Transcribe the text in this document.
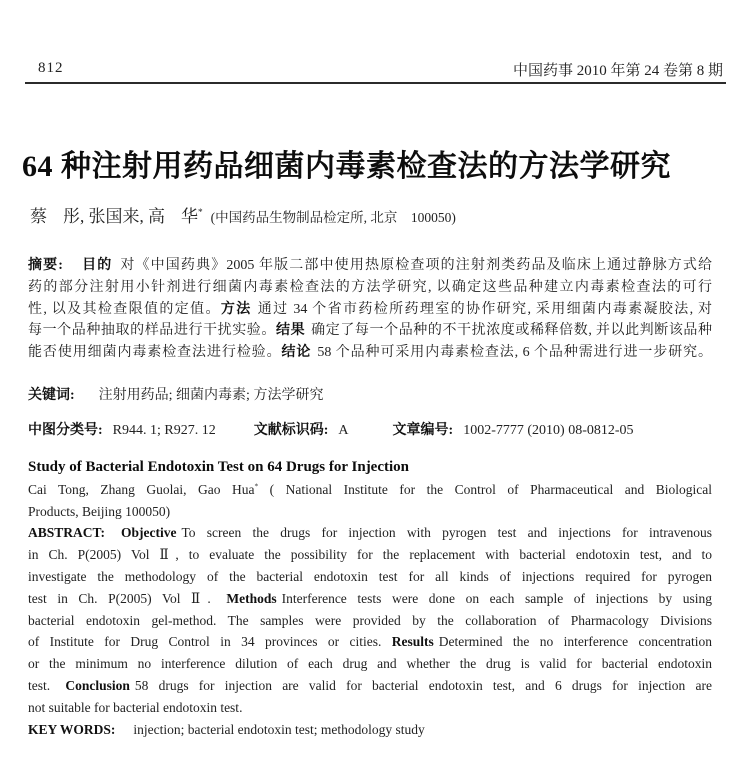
812	中国药事 2010 年第 24 卷第 8 期
64 种注射用药品细菌内毒素检查法的方法学研究
蔡 彤, 张国来, 高 华* (中国药品生物制品检定所, 北京　100050)
摘要: 目的 对《中国药典》2005 年版二部中使用热原检查项的注射剂类药品及临床上通过静脉方式给
药的部分注射用小针剂进行细菌内毒素检查法的方法学研究, 以确定这些品种建立内毒素检查法的可行
性, 以及其检查限值的定值。方法 通过 34 个省市药检所药理室的协作研究, 采用细菌内毒素凝胶法, 对
每一个品种抽取的样品进行干扰实验。结果 确定了每一个品种的不干扰浓度或稀释倍数, 并以此判断该品种
能否使用细菌内毒素检查法进行检验。结论 58 个品种可采用内毒素检查法, 6 个品种需进行进一步研究。
关键词: 注射用药品; 细菌内毒素; 方法学研究
中图分类号: R944. 1; R927. 12	文献标识码: A	文章编号: 1002-7777 (2010) 08-0812-05
Study of Bacterial Endotoxin Test on 64 Drugs for Injection
Cai Tong, Zhang Guolai, Gao Hua* ( National Institute for the Control of Pharmaceutical and Biological
Products, Beijing 100050)
ABSTRACT: Objective To screen the drugs for injection with pyrogen test and injections for intravenous
in Ch. P(2005) Vol Ⅱ, to evaluate the possibility for the replacement with bacterial endotoxin test, and to
investigate the methodology of the bacterial endotoxin test for all kinds of injections required for pyrogen
test in Ch. P(2005) Vol Ⅱ. Methods Interference tests were done on each sample of injections by using
bacterial endotoxin gel-method. The samples were provided by the collaboration of Pharmacology Divisions
of Institute for Drug Control in 34 provinces or cities. Results Determined the no interference concentration
or the minimum no interference dilution of each drug and whether the drug is valid for bacterial endotoxin
test. Conclusion 58 drugs for injection are valid for bacterial endotoxin test, and 6 drugs for injection are
not suitable for bacterial endotoxin test.
KEY WORDS: injection; bacterial endotoxin test; methodology study
